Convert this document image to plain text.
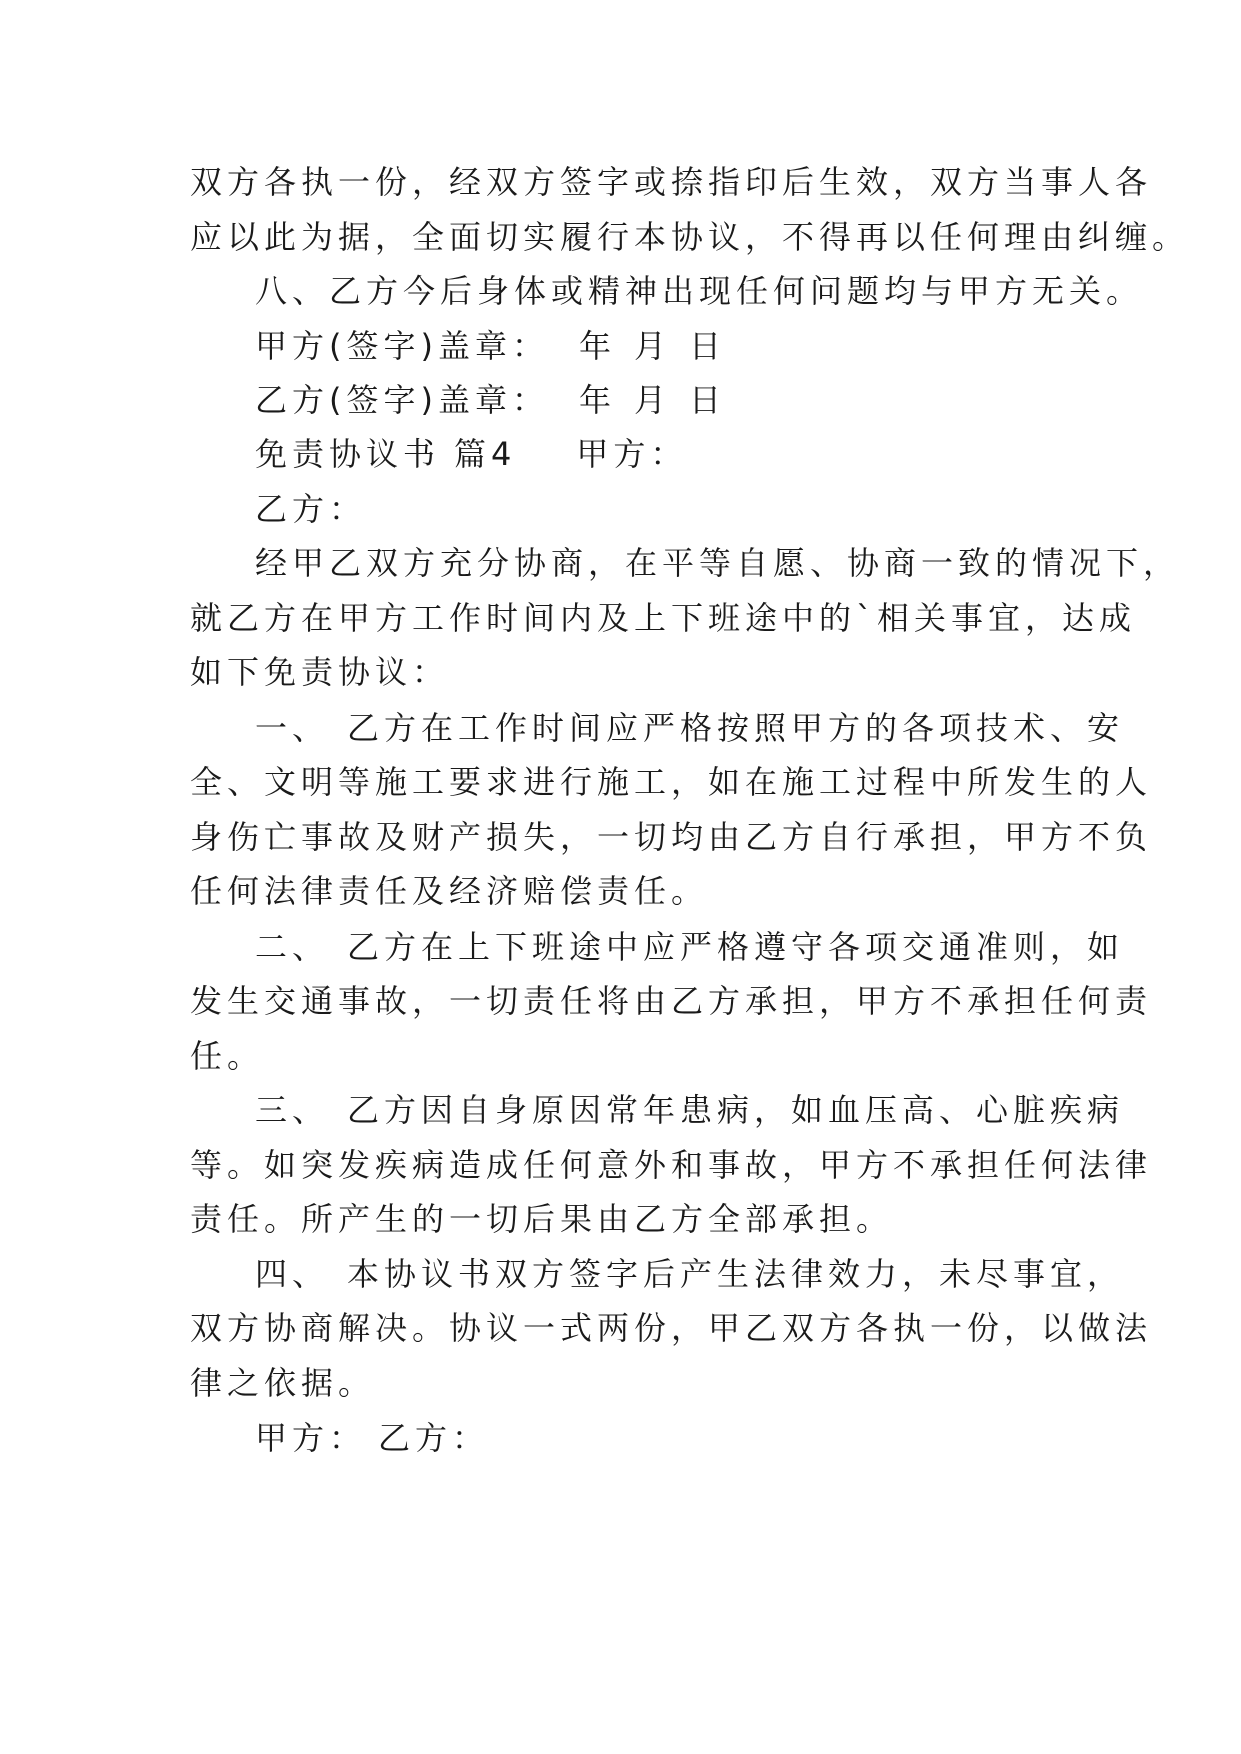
双方各执一份，经双方签字或捺指印后生效，双方当事人各
应以此为据，全面切实履行本协议，不得再以任何理由纠缠。
八、乙方今后身体或精神出现任何问题均与甲方无关。
甲方(签字)盖章： 年 月 日
乙方(签字)盖章： 年 月 日
免责协议书 篇4 甲方：
乙方：
经甲乙双方充分协商，在平等自愿、协商一致的情况下，
就乙方在甲方工作时间内及上下班途中的`相关事宜，达成
如下免责协议：
一、 乙方在工作时间应严格按照甲方的各项技术、安
全、文明等施工要求进行施工，如在施工过程中所发生的人
身伤亡事故及财产损失，一切均由乙方自行承担，甲方不负
任何法律责任及经济赔偿责任。
二、 乙方在上下班途中应严格遵守各项交通准则，如
发生交通事故，一切责任将由乙方承担，甲方不承担任何责
任。
三、 乙方因自身原因常年患病，如血压高、心脏疾病
等。如突发疾病造成任何意外和事故，甲方不承担任何法律
责任。所产生的一切后果由乙方全部承担。
四、 本协议书双方签字后产生法律效力，未尽事宜，
双方协商解决。协议一式两份，甲乙双方各执一份，以做法
律之依据。
甲方： 乙方：
